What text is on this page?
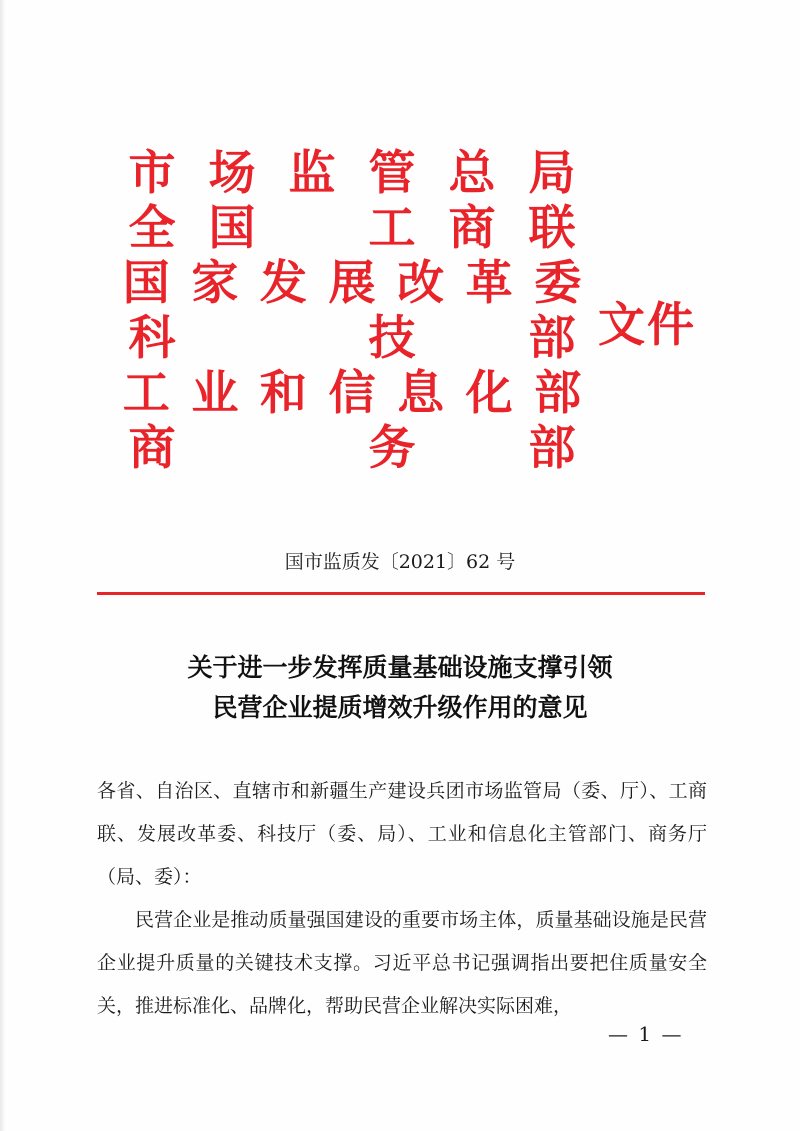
市 场 监 管 总 局
全 国	工 商 联
国 家 发 展 改 革 委
科	技	部
工 业 和 信 息 化 部
商	务	部
文件
国市监质发〔2021〕62 号
关于进一步发挥质量基础设施支撑引领
民营企业提质增效升级作用的意见

各省、自治区、直辖市和新疆生产建设兵团市场监管局（委、厅）、工商联、发展改革委、科技厅（委、局）、工业和信息化主管部门、商务厅（局、委）：

民营企业是推动质量强国建设的重要市场主体，质量基础设施是民营企业提升质量的关键技术支撑。习近平总书记强调指出要把住质量安全关，推进标准化、品牌化，帮助民营企业解决实际困难，

— 1 —
